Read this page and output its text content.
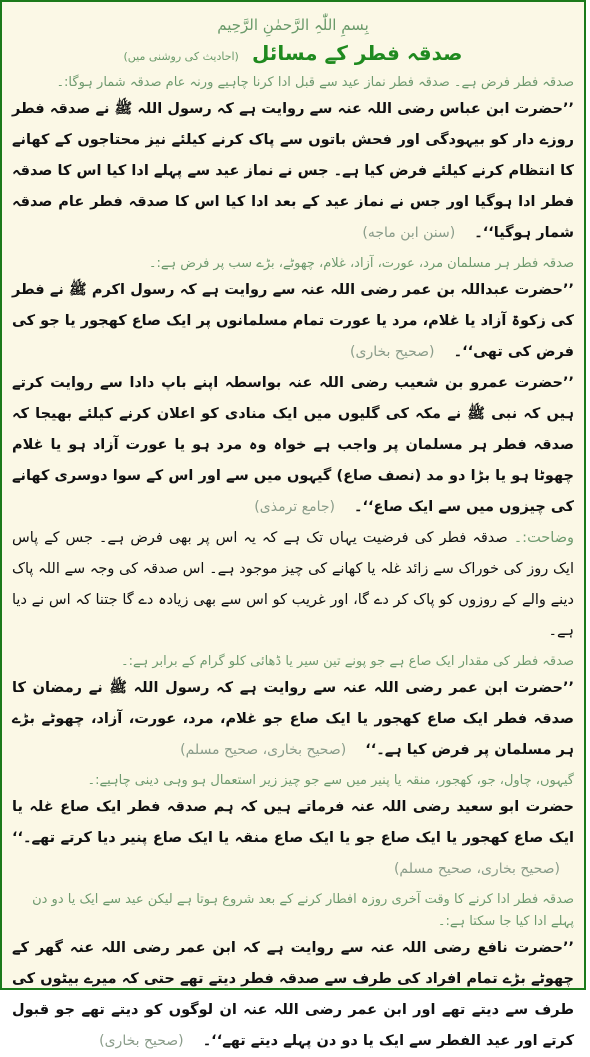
بِسمِ اللّٰہِ الرَّحمٰنِ الرَّحِیم
صدقہ فطر کے مسائل (احادیث کی روشنی میں)

صدقہ فطر فرض ہے۔ صدقہ فطر نماز عید سے قبل ادا کرنا چاہیے ورنہ عام صدقہ شمار ہوگا:۔

’’حضرت ابن عباس رضی اللہ عنہ سے روایت ہے کہ رسول اللہ ﷺ نے صدقہ فطر روزے دار کو بیہودگی اور فحش باتوں سے پاک کرنے کیلئے نیز محتاجوں کے کھانے کا انتظام کرنے کیلئے فرض کیا ہے۔ جس نے نماز عید سے پہلے ادا کیا اس کا صدقہ فطر ادا ہوگیا اور جس نے نماز عید کے بعد ادا کیا اس کا صدقہ فطر عام صدقہ شمار ہوگیا‘‘۔ (سنن ابن ماجه)

صدقہ فطر ہر مسلمان مرد، عورت، آزاد، غلام، چھوٹے، بڑے سب پر فرض ہے:۔

’’حضرت عبداللہ بن عمر رضی اللہ عنہ سے روایت ہے کہ رسول اکرم ﷺ نے فطر کی زکوۃ آزاد یا غلام، مرد یا عورت تمام مسلمانوں پر ایک صاع کھجور یا جو کی فرض کی تھی‘‘۔ (صحیح بخاری)

’’حضرت عمرو بن شعیب رضی اللہ عنہ بواسطہ اپنے باپ دادا سے روایت کرتے ہیں کہ نبی ﷺ نے مکہ کی گلیوں میں ایک منادی کو اعلان کرنے کیلئے بھیجا کہ صدقہ فطر ہر مسلمان پر واجب ہے خواہ وہ مرد ہو یا عورت آزاد ہو یا غلام چھوٹا ہو یا بڑا دو مد (نصف صاع) گیہوں میں سے اور اس کے سوا دوسری کھانے کی چیزوں میں سے ایک صاع‘‘۔ (جامع ترمذی)

وضاحت:۔ صدقہ فطر کی فرضیت یہاں تک ہے کہ یہ اس پر بھی فرض ہے۔ جس کے پاس ایک روز کی خوراک سے زائد غلہ یا کھانے کی چیز موجود ہے۔ اس صدقہ کی وجہ سے اللہ پاک دینے والے کے روزوں کو پاک کر دے گا، اور غریب کو اس سے بھی زیادہ دے گا جتنا کہ اس نے دیا ہے۔

صدقہ فطر کی مقدار ایک صاع ہے جو پونے تین سیر یا ڈھائی کلو گرام کے برابر ہے:۔

’’حضرت ابن عمر رضی اللہ عنہ سے روایت ہے کہ رسول اللہ ﷺ نے رمضان کا صدقہ فطر ایک صاع کھجور یا ایک صاع جو غلام، مرد، عورت، آزاد، چھوٹے بڑے ہر مسلمان پر فرض کیا ہے۔‘‘ (صحیح بخاری، صحیح مسلم)

گیہوں، چاول، جو، کھجور، منقہ یا پنیر میں سے جو چیز زیر استعمال ہو وہی دینی چاہیے:۔

حضرت ابو سعید رضی اللہ عنہ فرماتے ہیں کہ ہم صدقہ فطر ایک صاع غلہ یا ایک صاع کھجور یا ایک صاع جو یا ایک صاع منقہ یا ایک صاع پنیر دیا کرتے تھے۔‘‘ (صحیح بخاری، صحیح مسلم)

صدقہ فطر ادا کرنے کا وقت آخری روزہ افطار کرنے کے بعد شروع ہوتا ہے لیکن عید سے ایک یا دو دن پہلے ادا کیا جا سکتا ہے:۔

’’حضرت نافع رضی اللہ عنہ سے روایت ہے کہ ابن عمر رضی اللہ عنہ گھر کے چھوٹے بڑے تمام افراد کی طرف سے صدقہ فطر دیتے تھے حتی کہ میرے بیٹوں کی طرف سے دیتے تھے اور ابن عمر رضی اللہ عنہ ان لوگوں کو دیتے تھے جو قبول کرتے اور عید الفطر سے ایک یا دو دن پہلے دیتے تھے‘‘۔ (صحیح بخاری)
